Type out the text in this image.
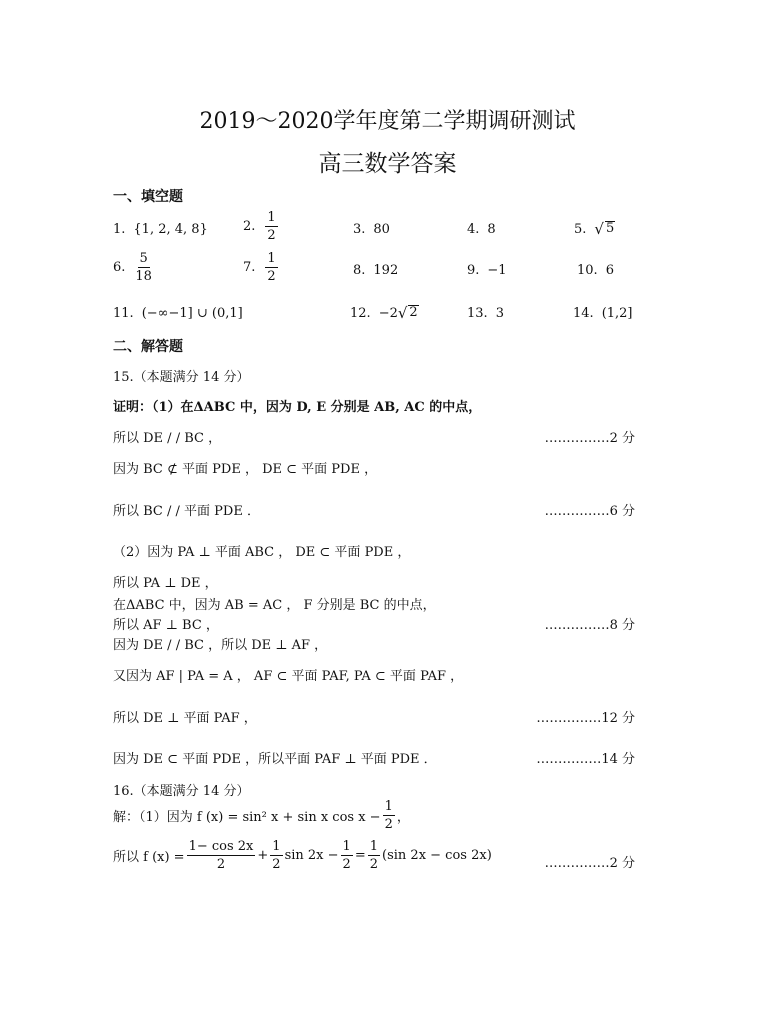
2019～2020学年度第二学期调研测试
高三数学答案
一、填空题
1. {1, 2, 4, 8}	2. $\frac{1}{2}$	3. 80	4. 8	5. √ 5
6. $\frac{5}{18}$	7. $\frac{1}{2}$	8. 192	9. −1	10. 6
11. (−∞−1] ∪ (0,1]	12. −2 √ 2	13. 3	14. (1,2]
二、解答题
15.（本题满分 14 分）
证明：（1）在ΔABC 中，因为 D, E 分别是 AB, AC 的中点，
所以 DE / / BC ，	……………2 分
因为 BC ⊄ 平面 PDE ， DE ⊂ 平面 PDE ，
所以 BC / / 平面 PDE ．	……………6 分
（2）因为 PA ⊥ 平面 ABC ， DE ⊂ 平面 PDE ，
所以 PA ⊥ DE ，
在ΔABC 中，因为 AB = AC ， F 分别是 BC 的中点，
所以 AF ⊥ BC ，	……………8 分
因为 DE / / BC ，所以 DE ⊥ AF ，
又因为 AF | PA = A ， AF ⊂ 平面 PAF, PA ⊂ 平面 PAF ，
所以 DE ⊥ 平面 PAF ，	……………12 分
因为 DE ⊂ 平面 PDE ，所以平面 PAF ⊥ 平面 PDE ．	……………14 分
16.（本题满分 14 分）
解：（1）因为 f (x) = sin² x + sin x $\cos x - \frac{1}{2}$ ，
所以 f $(x) = \frac{1- \cos 2x}{2} + \frac{1}{2}$ $\sin 2x - \frac{1}{2} = \frac{1}{2} (\sin$ 2x − cos 2x)
……………2 分
